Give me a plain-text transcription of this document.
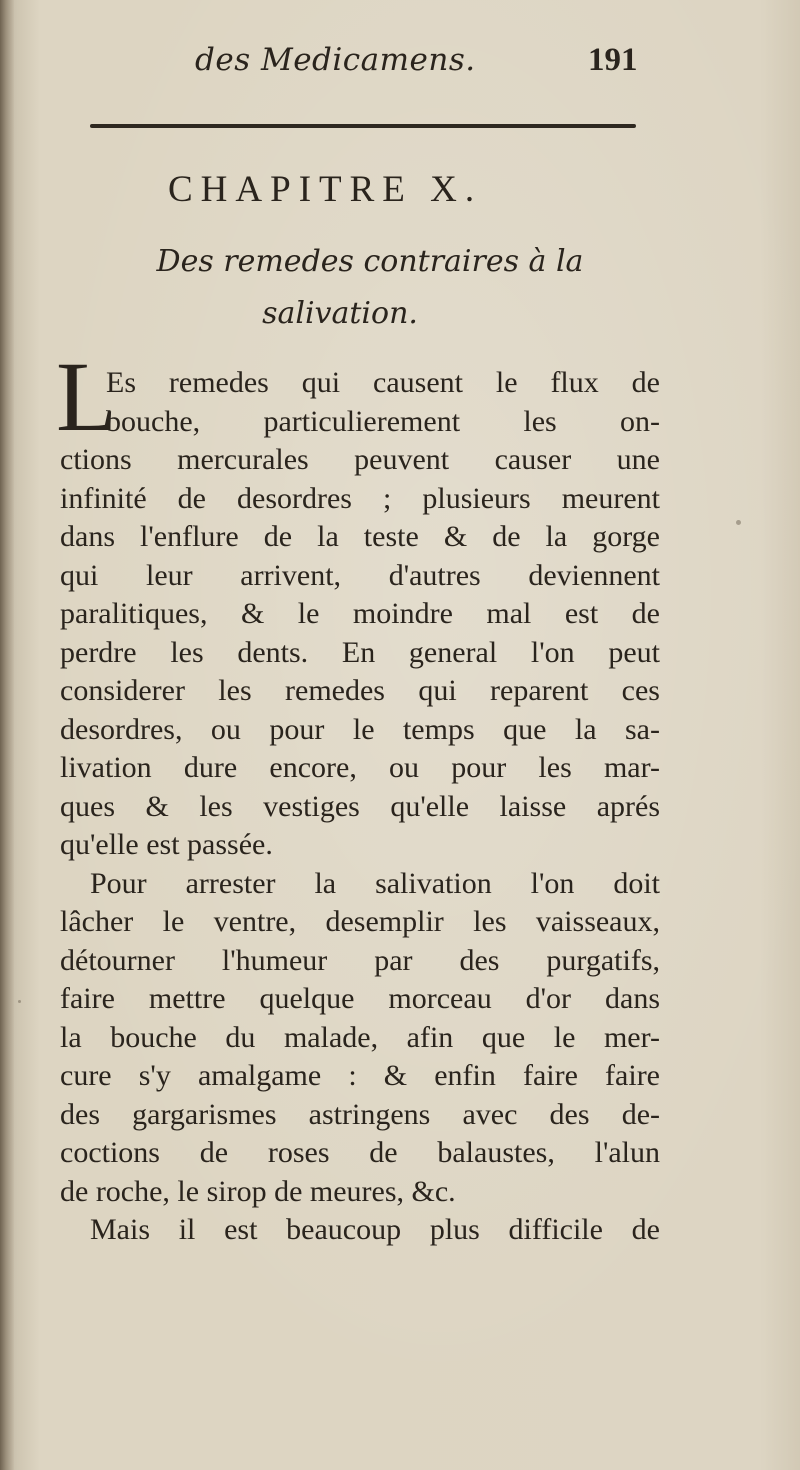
des Medicamens.	191
CHAPITRE X.
Des remedes contraires à la
salivation.
L
Es remedes qui causent le flux de
bouche, particulierement les on-
ctions mercurales peuvent causer une
infinité de desordres ; plusieurs meurent
dans l'enflure de la teste & de la gorge
qui leur arrivent, d'autres deviennent
paralitiques, & le moindre mal est de
perdre les dents. En general l'on peut
considerer les remedes qui reparent ces
desordres, ou pour le temps que la sa-
livation dure encore, ou pour les mar-
ques & les vestiges qu'elle laisse aprés
qu'elle est passée.
Pour arrester la salivation l'on doit
lâcher le ventre, desemplir les vaisseaux,
détourner l'humeur par des purgatifs,
faire mettre quelque morceau d'or dans
la bouche du malade, afin que le mer-
cure s'y amalgame : & enfin faire faire
des gargarismes astringens avec des de-
coctions de roses de balaustes, l'alun
de roche, le sirop de meures, &c.
Mais il est beaucoup plus difficile de
